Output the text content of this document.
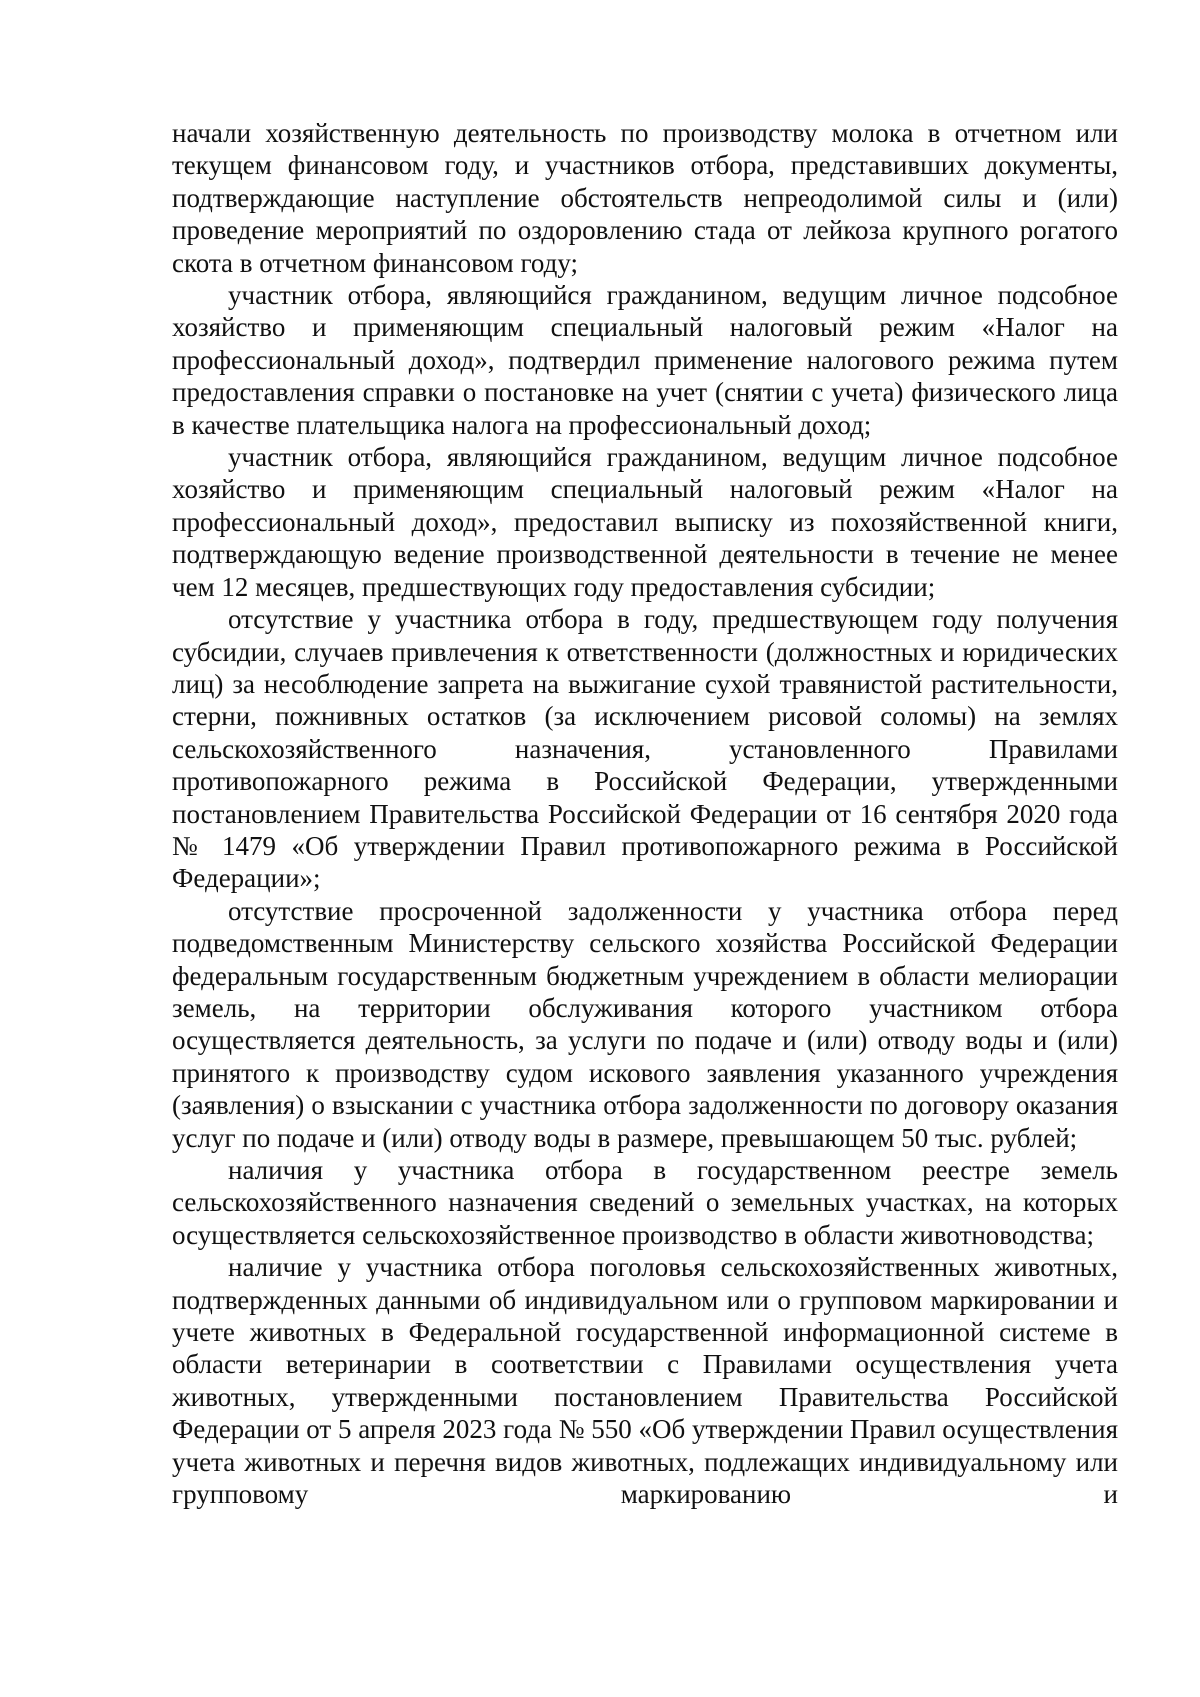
начали хозяйственную деятельность по производству молока в отчетном или текущем финансовом году, и участников отбора, представивших документы, подтверждающие наступление обстоятельств непреодолимой силы и (или) проведение мероприятий по оздоровлению стада от лейкоза крупного рогатого скота в отчетном финансовом году;

участник отбора, являющийся гражданином, ведущим личное подсобное хозяйство и применяющим специальный налоговый режим «Налог на профессиональный доход», подтвердил применение налогового режима путем предоставления справки о постановке на учет (снятии с учета) физического лица в качестве плательщика налога на профессиональный доход;

участник отбора, являющийся гражданином, ведущим личное подсобное хозяйство и применяющим специальный налоговый режим «Налог на профессиональный доход», предоставил выписку из похозяйственной книги, подтверждающую ведение производственной деятельности в течение не менее чем 12 месяцев, предшествующих году предоставления субсидии;

отсутствие у участника отбора в году, предшествующем году получения субсидии, случаев привлечения к ответственности (должностных и юридических лиц) за несоблюдение запрета на выжигание сухой травянистой растительности, стерни, пожнивных остатков (за исключением рисовой соломы) на землях сельскохозяйственного назначения, установленного Правилами противопожарного режима в Российской Федерации, утвержденными постановлением Правительства Российской Федерации от 16 сентября 2020 года № 1479 «Об утверждении Правил противопожарного режима в Российской Федерации»;

отсутствие просроченной задолженности у участника отбора перед подведомственным Министерству сельского хозяйства Российской Федерации федеральным государственным бюджетным учреждением в области мелиорации земель, на территории обслуживания которого участником отбора осуществляется деятельность, за услуги по подаче и (или) отводу воды и (или) принятого к производству судом искового заявления указанного учреждения (заявления) о взыскании с участника отбора задолженности по договору оказания услуг по подаче и (или) отводу воды в размере, превышающем 50 тыс. рублей;

наличия у участника отбора в государственном реестре земель сельскохозяйственного назначения сведений о земельных участках, на которых осуществляется сельскохозяйственное производство в области животноводства;

наличие у участника отбора поголовья сельскохозяйственных животных, подтвержденных данными об индивидуальном или о групповом маркировании и учете животных в Федеральной государственной информационной системе в области ветеринарии в соответствии с Правилами осуществления учета животных, утвержденными постановлением Правительства Российской Федерации от 5 апреля 2023 года № 550 «Об утверждении Правил осуществления учета животных и перечня видов животных, подлежащих индивидуальному или групповому маркированию и
